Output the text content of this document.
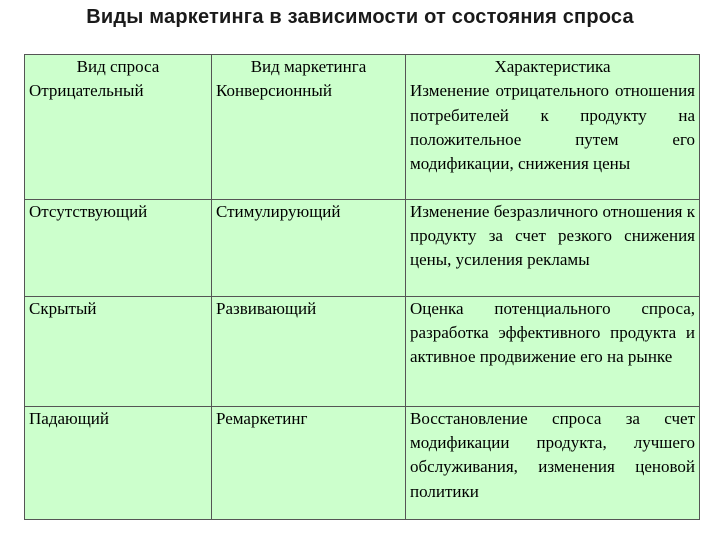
Виды маркетинга в зависимости от состояния спроса
Вид спроса	Вид маркетинга	Характеристика
Отрицательный	Конверсионный	Изменение отрицательного отношения потребителей к продукту на положительное путем его модификации, снижения цены
Отсутствующий	Стимулирующий	Изменение безразличного отношения к продукту за счет резкого снижения цены, усиления рекламы
Скрытый	Развивающий	Оценка потенциального спроса, разработка эффективного продукта и активное продвижение его на рынке
Падающий	Ремаркетинг	Восстановление спроса за счет модификации продукта, лучшего обслуживания, изменения ценовой политики
